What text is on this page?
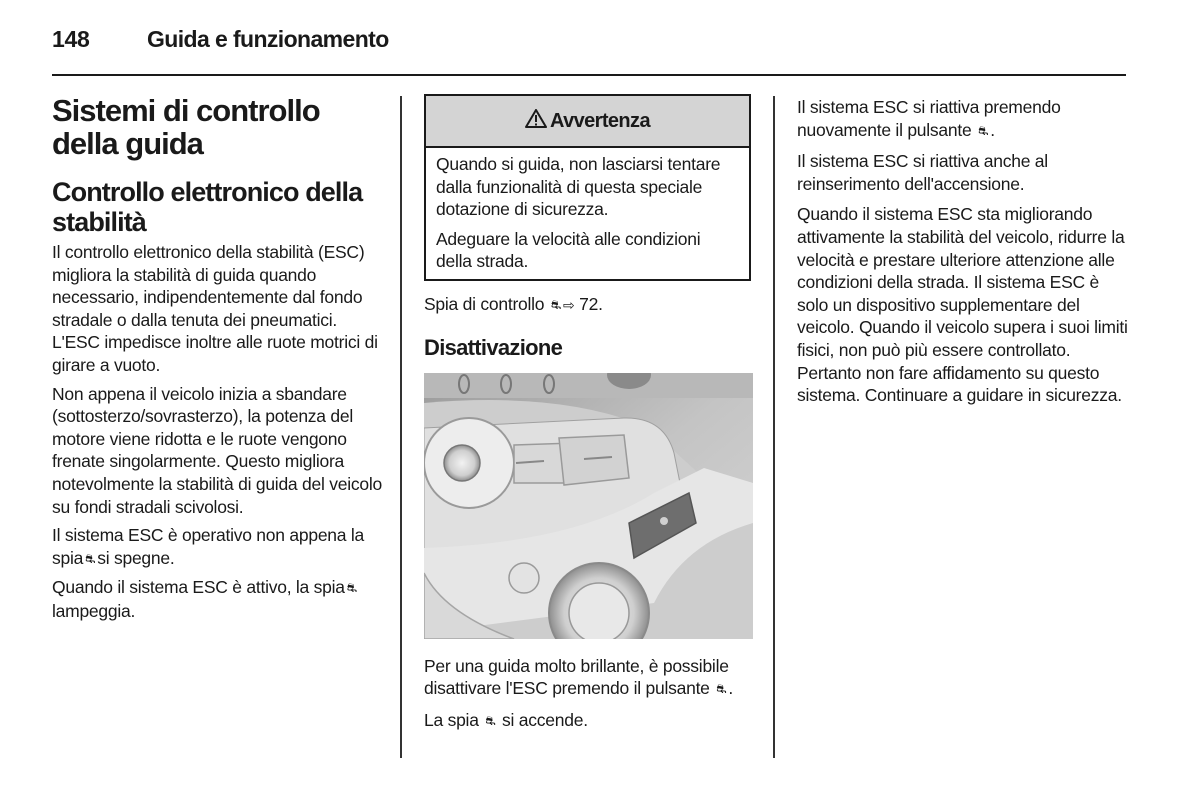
148	Guida e funzionamento
Sistemi di controllo della guida
Controllo elettronico della stabilità

Il controllo elettronico della stabilità (ESC) migliora la stabilità di guida quando necessario, indipendentemente dal fondo stradale o dalla tenuta dei pneumatici. L'ESC impedisce inoltre alle ruote motrici di girare a vuoto.

Non appena il veicolo inizia a sbandare (sottosterzo/sovrasterzo), la potenza del motore viene ridotta e le ruote vengono frenate singolarmente. Questo migliora notevolmente la stabilità di guida del veicolo su fondi stradali scivolosi.

Il sistema ESC è operativo non appena la spia ⛐ si spegne.

Quando il sistema ESC è attivo, la spia ⛐lampeggia.

Avvertenza

Quando si guida, non lasciarsi tentare dalla funzionalità di questa speciale dotazione di sicurezza.

Adeguare la velocità alle condizioni della strada.

Spia di controllo ⛐ ⇨ 72.

Disattivazione

Per una guida molto brillante, è possibile disattivare l'ESC premendo il pulsante ⛐ .

La spia ⛐ si accende.

Il sistema ESC si riattiva premendo nuovamente il pulsante ⛐ .

Il sistema ESC si riattiva anche al reinserimento dell'accensione.

Quando il sistema ESC sta migliorando attivamente la stabilità del veicolo, ridurre la velocità e prestare ulteriore attenzione alle condizioni della strada. Il sistema ESC è solo un dispositivo supplementare del veicolo. Quando il veicolo supera i suoi limiti fisici, non può più essere controllato. Pertanto non fare affidamento su questo sistema. Continuare a guidare in sicurezza.
